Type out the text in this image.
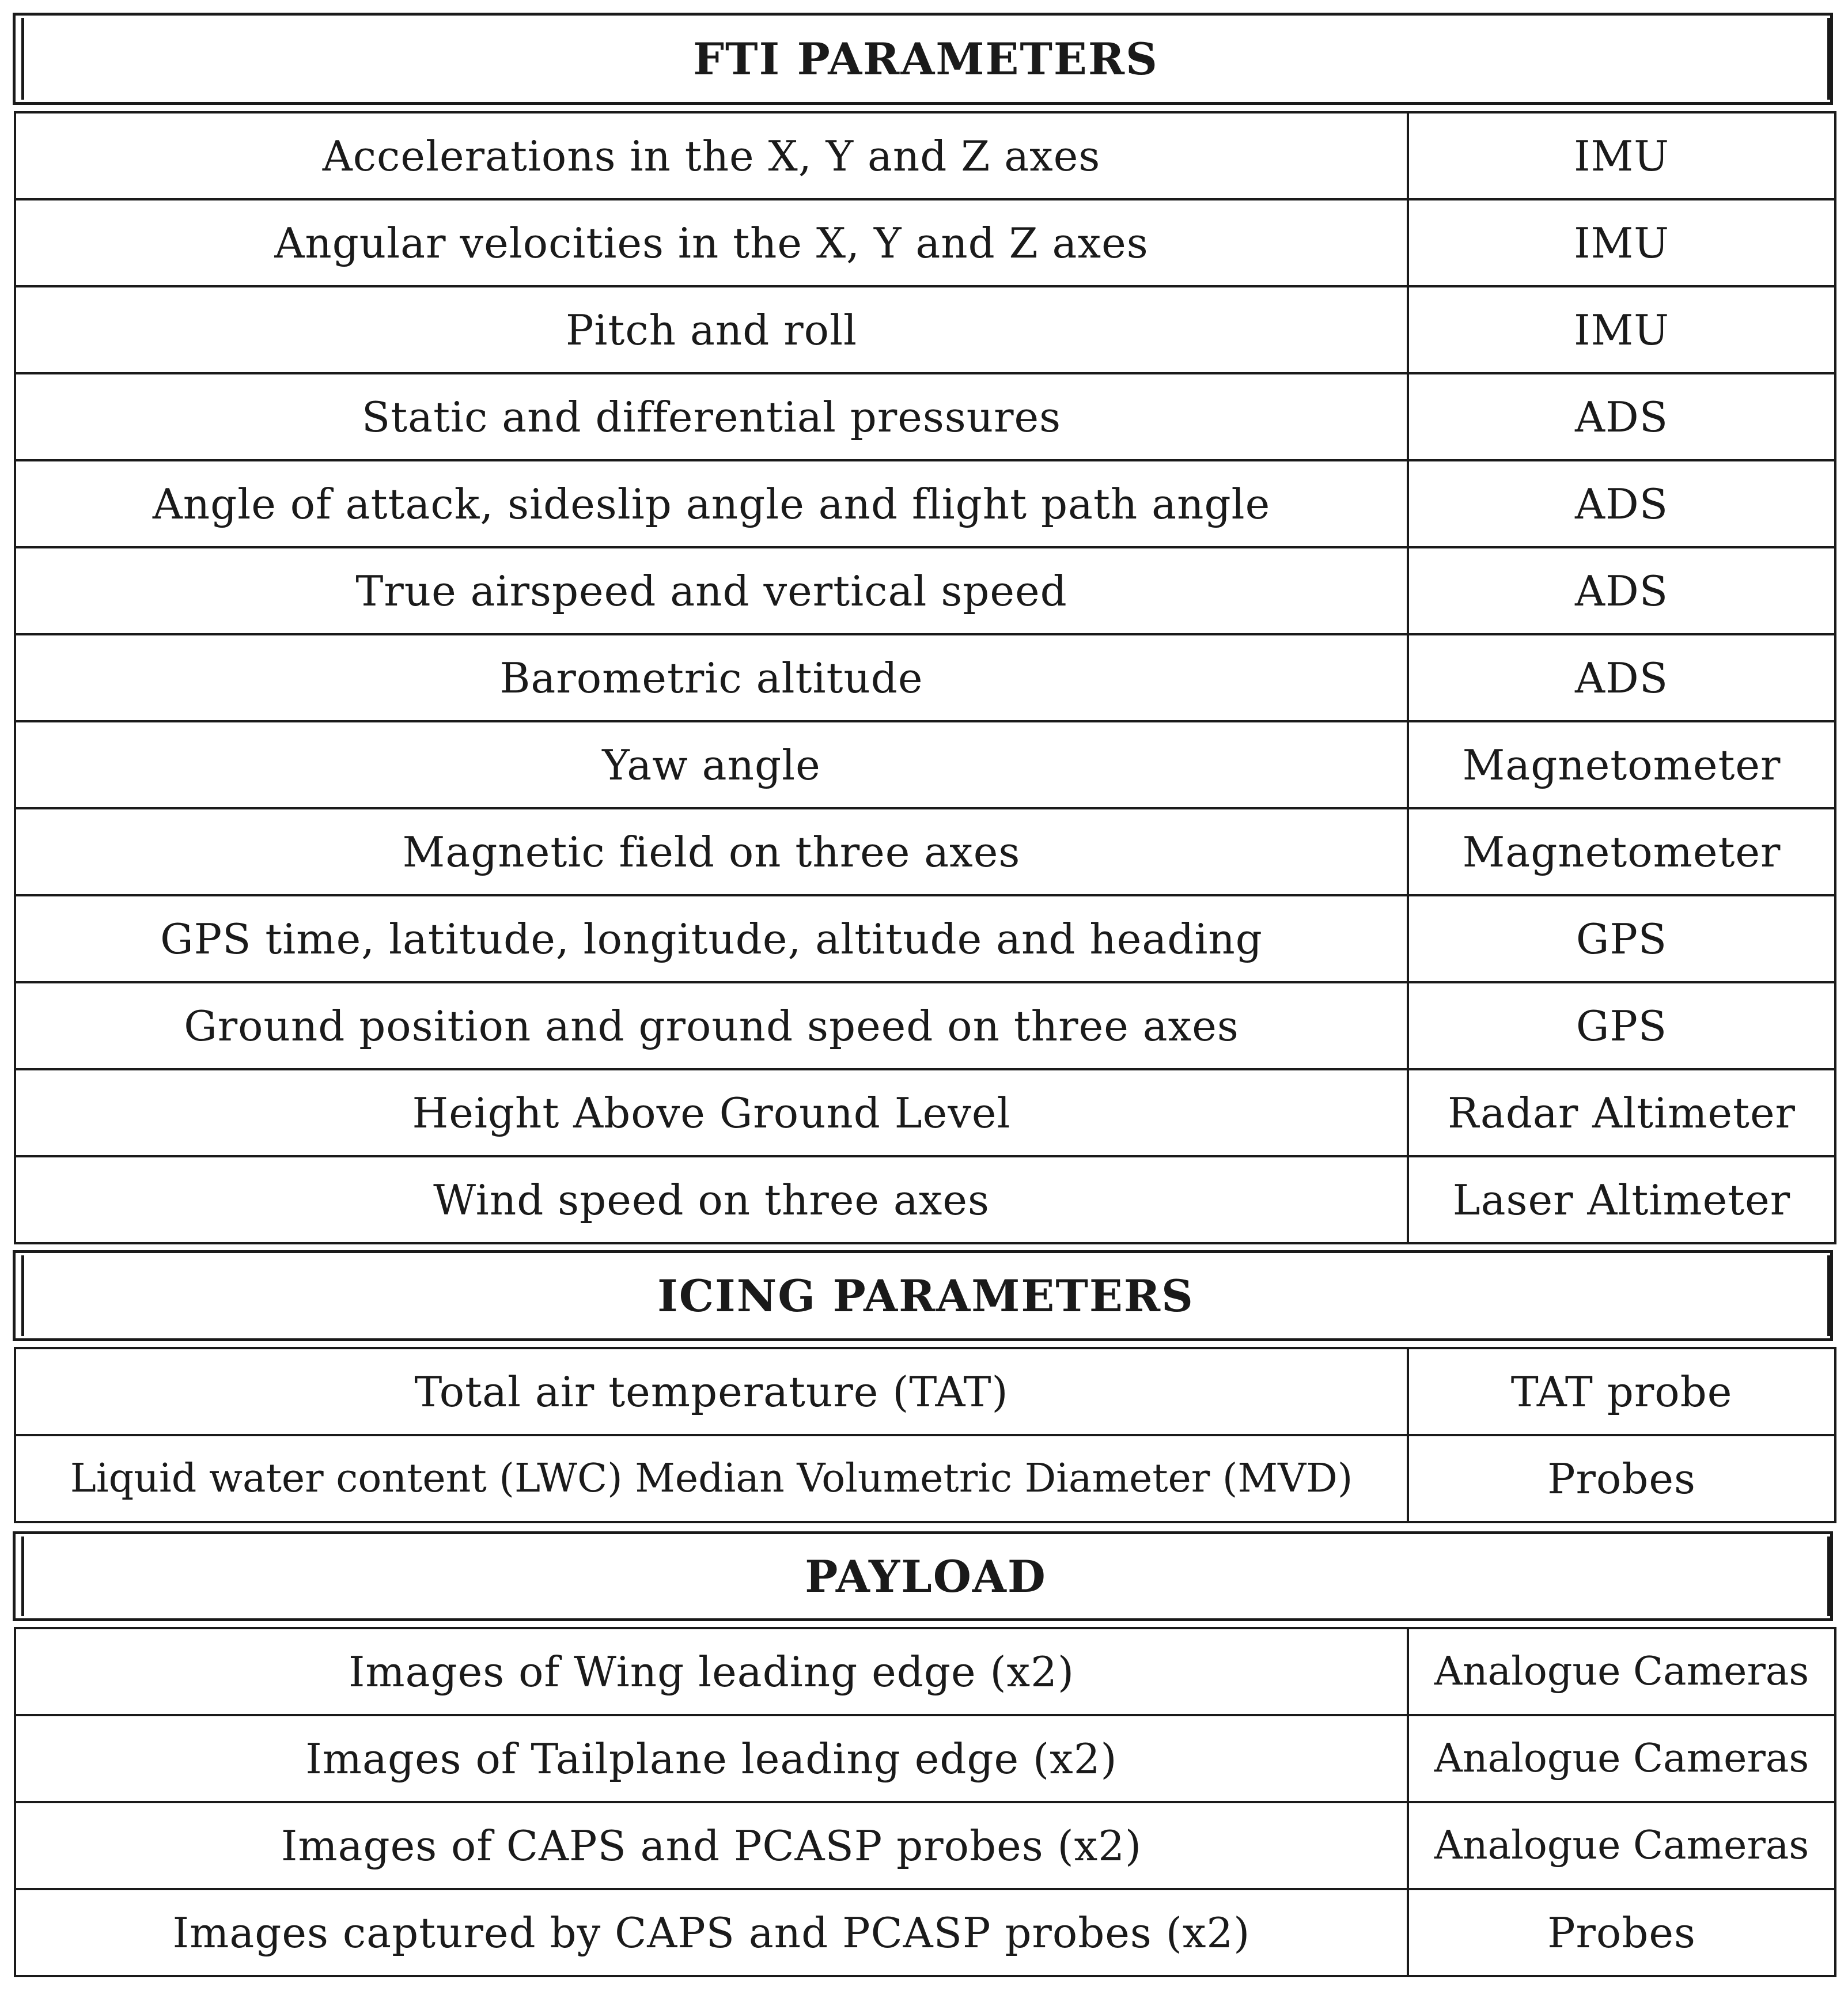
FTI PARAMETERS
Accelerations in the X, Y and Z axes	IMU
Angular velocities in the X, Y and Z axes	IMU
Pitch and roll	IMU
Static and differential pressures	ADS
Angle of attack, sideslip angle and flight path angle	ADS
True airspeed and vertical speed	ADS
Barometric altitude	ADS
Yaw angle	Magnetometer
Magnetic field on three axes	Magnetometer
GPS time, latitude, longitude, altitude and heading	GPS
Ground position and ground speed on three axes	GPS
Height Above Ground Level	Radar Altimeter
Wind speed on three axes	Laser Altimeter
ICING PARAMETERS
Total air temperature (TAT)	TAT probe
Liquid water content (LWC) Median Volumetric Diameter (MVD)	Probes
PAYLOAD
Images of Wing leading edge (x2)	Analogue Cameras
Images of Tailplane leading edge (x2)	Analogue Cameras
Images of CAPS and PCASP probes (x2)	Analogue Cameras
Images captured by CAPS and PCASP probes (x2)	Probes
